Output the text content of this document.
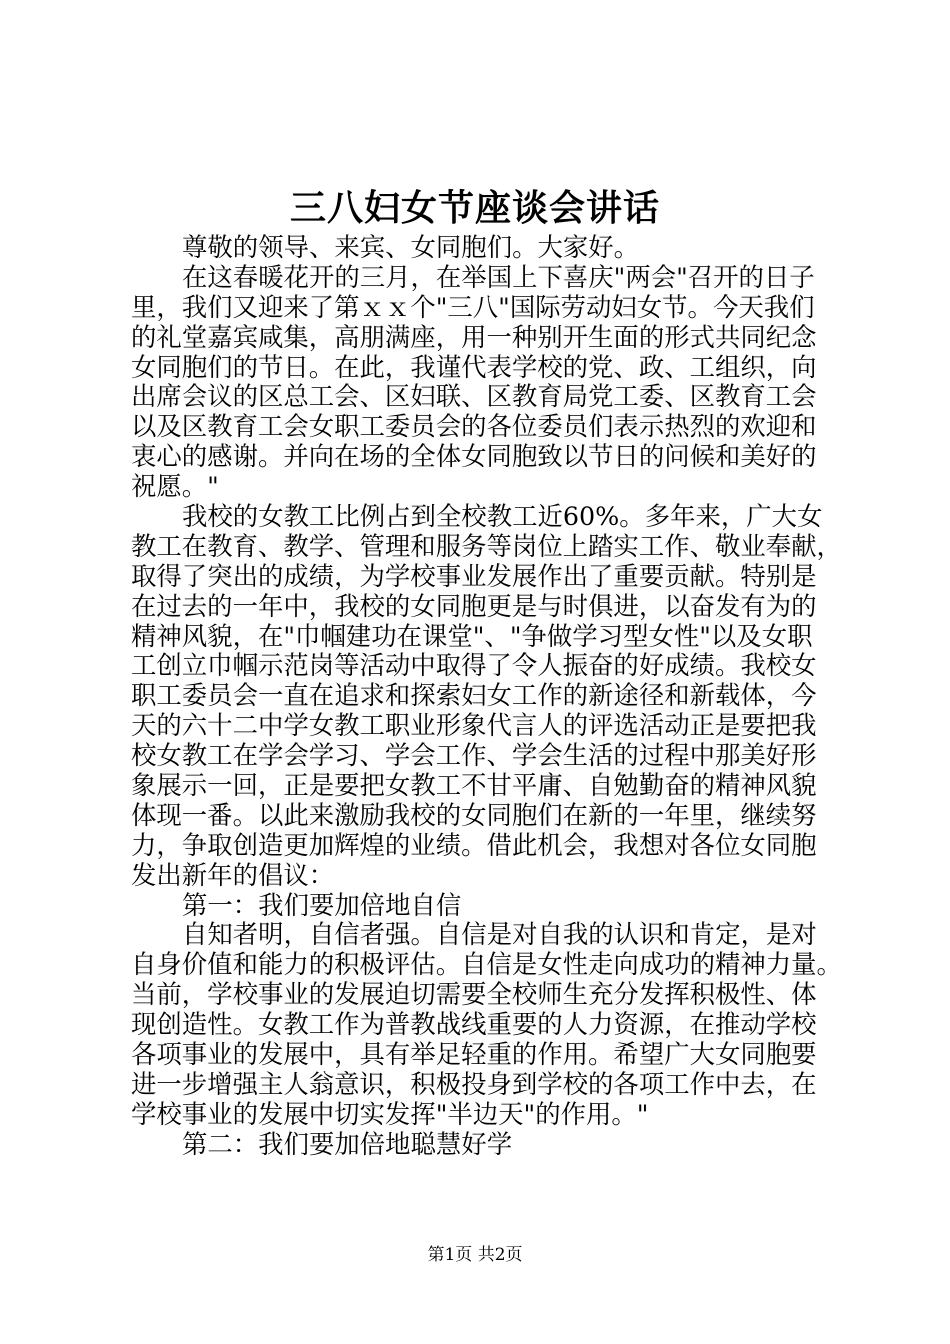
三八妇女节座谈会讲话
尊敬的领导、来宾、女同胞们。大家好。
在这春暖花开的三月，在举国上下喜庆"两会"召开的日子
里，我们又迎来了第ｘｘ个"三八"国际劳动妇女节。今天我们
的礼堂嘉宾咸集，高朋满座，用一种别开生面的形式共同纪念
女同胞们的节日。在此，我谨代表学校的党、政、工组织，向
出席会议的区总工会、区妇联、区教育局党工委、区教育工会
以及区教育工会女职工委员会的各位委员们表示热烈的欢迎和
衷心的感谢。并向在场的全体女同胞致以节日的问候和美好的
祝愿。"
我校的女教工比例占到全校教工近60%。多年来，广大女
教工在教育、教学、管理和服务等岗位上踏实工作、敬业奉献，
取得了突出的成绩，为学校事业发展作出了重要贡献。特别是
在过去的一年中，我校的女同胞更是与时俱进，以奋发有为的
精神风貌，在"巾帼建功在课堂"、"争做学习型女性"以及女职
工创立巾帼示范岗等活动中取得了令人振奋的好成绩。我校女
职工委员会一直在追求和探索妇女工作的新途径和新载体，今
天的六十二中学女教工职业形象代言人的评选活动正是要把我
校女教工在学会学习、学会工作、学会生活的过程中那美好形
象展示一回，正是要把女教工不甘平庸、自勉勤奋的精神风貌
体现一番。以此来激励我校的女同胞们在新的一年里，继续努
力，争取创造更加辉煌的业绩。借此机会，我想对各位女同胞
发出新年的倡议：
第一：我们要加倍地自信
自知者明，自信者强。自信是对自我的认识和肯定，是对
自身价值和能力的积极评估。自信是女性走向成功的精神力量。
当前，学校事业的发展迫切需要全校师生充分发挥积极性、体
现创造性。女教工作为普教战线重要的人力资源，在推动学校
各项事业的发展中，具有举足轻重的作用。希望广大女同胞要
进一步增强主人翁意识，积极投身到学校的各项工作中去，在
学校事业的发展中切实发挥"半边天"的作用。"
第二：我们要加倍地聪慧好学
第1页 共2页
